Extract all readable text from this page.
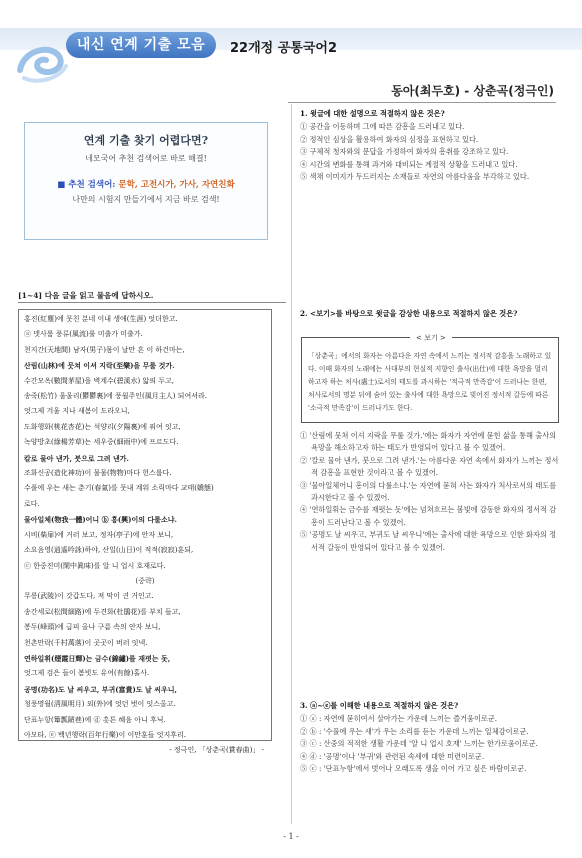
내신 연계 기출 모음	22개정 공통국어2
동아(최두호) - 상춘곡(정극인)
연계 기출 찾기 어렵다면?
네모국어 추천 검색어로 바로 해결!
■ 추천 검색어: 문학, 고전시가, 가사, 자연친화
나만의 시험지 만들기에서 지금 바로 검색!
[1~4] 다음 글을 읽고 물음에 답하시오.
홍진(紅塵)에 뭇친 분네 이내 생애(生涯) 엇더한고.
ⓐ 녯사룸 풍류(風流)룰 미출가 미출가.
천지간(天地間) 남자(男子)몸이 날만 흔 이 하건마는,
산림(山林)에 뭇쳐 이셔 지락(至樂)을 무룰 것가.
수간모옥(數間茅屋)을 벽계수(碧溪水) 앏픠 두고,
송죽(松竹) 울울리(鬱鬱裏)에 풍월주인(風月主人) 되여셔라.
엇그제 겨울 지나 새봄이 도라오니,
도화행화(桃花杏花)는 석양리(夕陽裏)에 퓌여 잇고,
녹양방초(綠楊芳草)는 세우중(細雨中)에 프르도다.
칼로 물아 낸가, 붓으로 그려 낸가.
조화신공(造化神功)이 물물(物物)마다 헌스룹다.
수풀에 우는 새는 춘기(春氣)를 뭇내 계워 소릭마다 교태(嬌態)
로다.
물아일체(物我一體)어니 ⓑ 흥(興)이의 다룰소냐.
시비(柴扉)에 거러 보고, 정자(亭子)에 안자 보니,
소요음영(逍遙吟詠)하야, 산일(山日)이 적적(寂寂)훈되,
ⓒ 한중진미(閑中眞味)를 알 니 업시 호재로다.
(중략)
무릉(武陵)이 갓갑도다, 져 막이 긘 거인고.
송간세로(松間細路)에 두견화(杜鵑花)를 부치 들고,
봉두(峰頭)에 급피 올나 구름 속의 안자 보니,
천촌만락(千村萬落)이 곳곳이 버러 잇넥.
연하일휘(煙霞日輝)는 금수(錦繡)를 재폇는 돗,
엇그제 검은 들이 봄빗도 유여(有餘)홀사.
공명(功名)도 날 씨우고, 부귀(富貴)도 날 씨우니,
청풍명월(淸風明月) 외(外)에 엇던 벗이 잇스올고.
단표누항(簞瓢陋巷)에 ⓓ 흣튼 혜음 아니 후닉.
아모타, ⓔ 백년행락(百年行樂)이 이만훈들 엇지후리.
- 정극인, 「상춘곡(賞春曲)」 -
1. 윗글에 대한 설명으로 적절하지 않은 것은?
① 공간을 이동하며 그에 따른 감흥을 드러내고 있다.
② 정적인 심상을 활용하여 화자의 심정을 표현하고 있다.
③ 구체적 청자와의 문답을 가정하여 화자의 흥취를 강조하고 있다.
④ 시간의 변화를 통해 과거와 대비되는 계절적 상황을 드러내고 있다.
⑤ 색채 이미지가 두드러지는 소재들로 자연의 아름다움을 부각하고 있다.
2. <보기>를 바탕으로 윗글을 감상한 내용으로 적절하지 않은 것은?
< 보기 >
「상춘곡」에서의 화자는 아름다운 자연 속에서 느끼는 정서적 감흥을 노래하고 있다. 이때 화자의 노래에는 사대부의 현실적 지향인 출사(出仕)에 대한 욕망을 멀리하고자 하는 처사(處士)로서의 태도를 과시하는 '적극적 만족감'이 드러나는 한편, 처사로서의 명분 뒤에 숨어 있는 출사에 대한 욕망으로 빚어진 정서적 갈등에 따른 '소극적 만족감'이 드러나기도 한다.
① '산림에 뭇쳐 이셔 지락을 무룰 것가.'에는 화자가 자연에 묻힌 삶을 통해 출사의 욕망을 해소하고자 하는 태도가 반영되어 있다고 볼 수 있겠어.
② '칼로 물아 낸가, 붓으로 그려 낸가.'는 아름다운 자연 속에서 화자가 느끼는 정서적 감흥을 표현한 것이라고 볼 수 있겠어.
③ '물아일체어니 흥이의 다룰소냐.'는 자연에 묻혀 사는 화자가 처사로서의 태도를 과시한다고 볼 수 있겠어.
④ '연하일휘는 금수를 재폇는 돗'에는 넘쳐흐르는 봄빛에 감동한 화자의 정서적 감흥이 드러난다고 볼 수 있겠어.
⑤ '공명도 날 씨우고, 부귀도 날 씨우니'에는 출사에 대한 욕망으로 인한 화자의 정서적 갈등이 반영되어 있다고 볼 수 있겠어.
3. ⓐ~ⓔ를 이해한 내용으로 적절하지 않은 것은?
① ⓐ : 자연에 묻히여서 살아가는 가운데 느끼는 즐거움이로군.
② ⓑ : '수풀에 우는 새'가 우는 소리를 듣는 가운데 느끼는 일체감이로군.
③ ⓒ : 산중의 적적한 생활 가운데 '알 니 업시 호재' 느끼는 한가로움이로군.
④ ⓓ : '공명'이나 '부귀'와 관련된 속세에 대한 미련이로군.
⑤ ⓔ : '단표누항'에서 벗어나 오래도록 생을 이어 가고 싶은 바람이로군.
- 1 -
